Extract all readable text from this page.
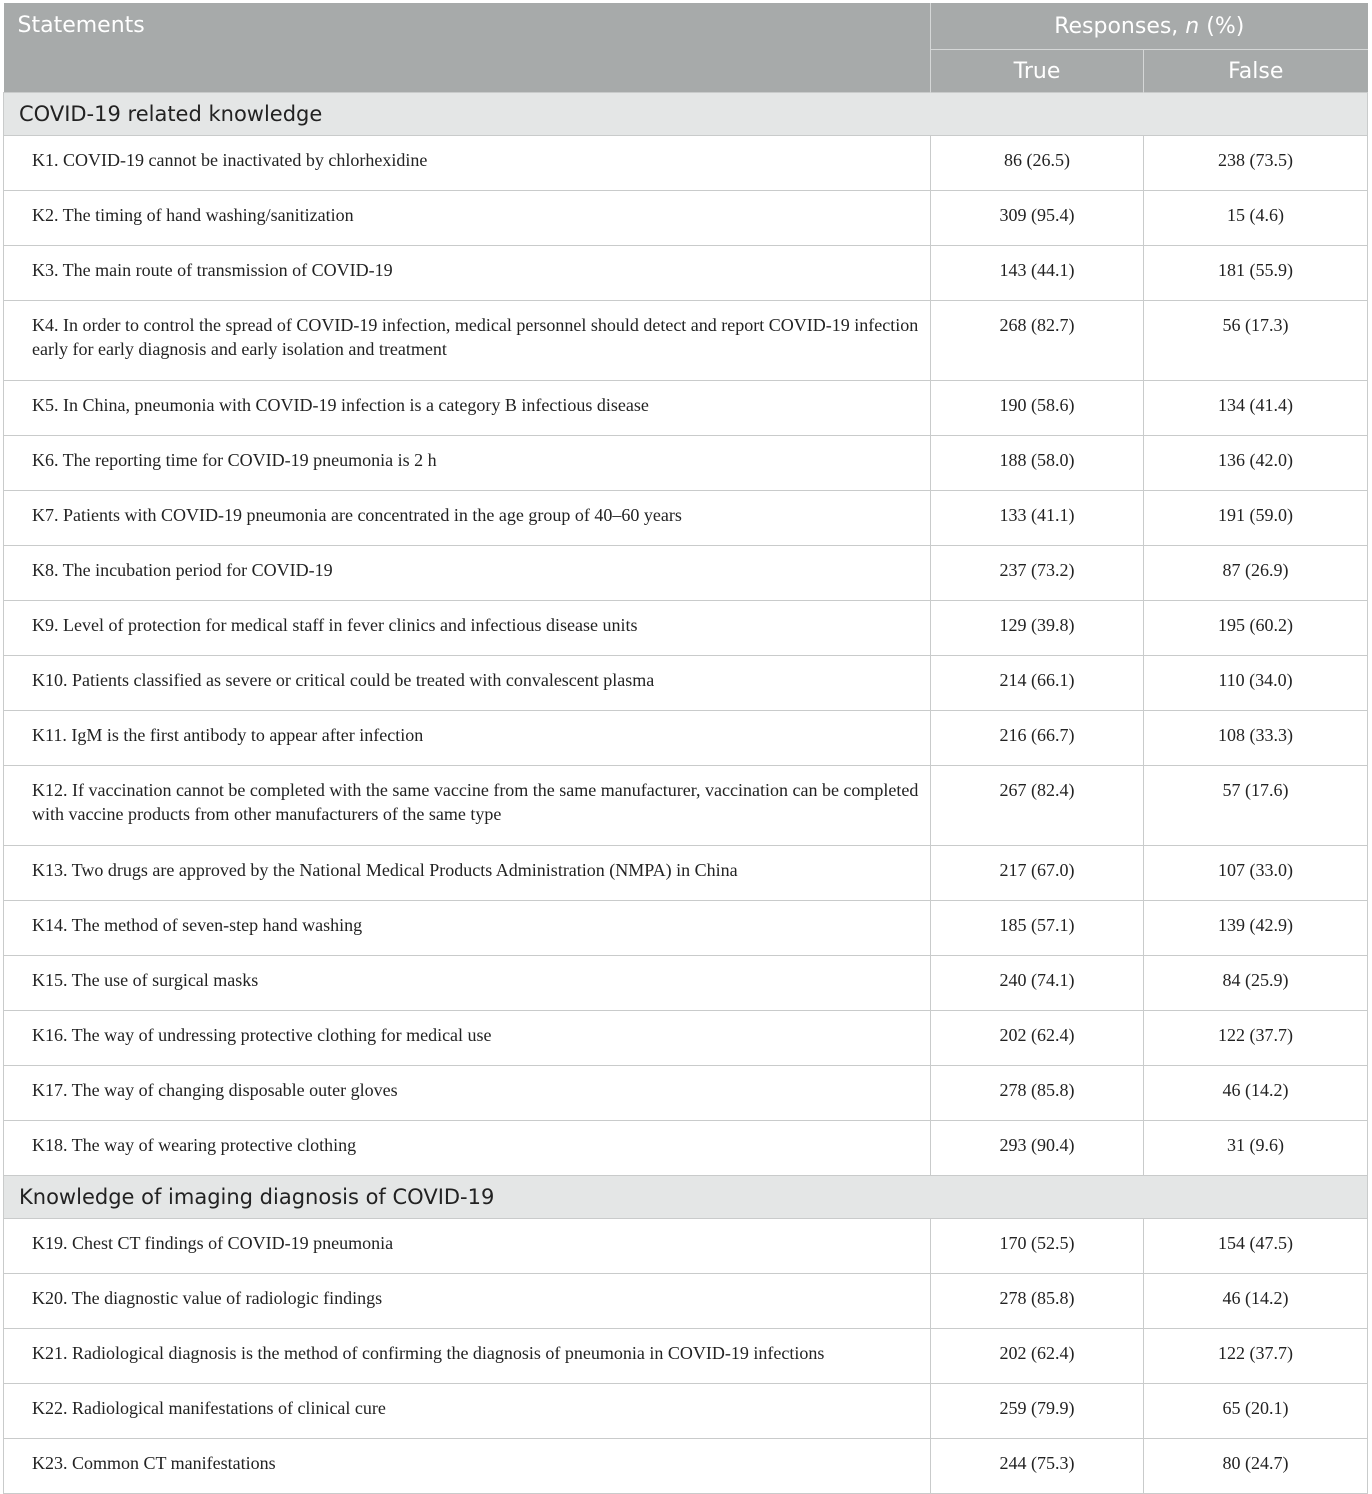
Statements	Responses, n (%)	
	True	False
COVID-19 related knowledge		
K1. COVID-19 cannot be inactivated by chlorhexidine	86 (26.5)	238 (73.5)
K2. The timing of hand washing/sanitization	309 (95.4)	15 (4.6)
K3. The main route of transmission of COVID-19	143 (44.1)	181 (55.9)
K4. In order to control the spread of COVID-19 infection, medical personnel should detect and report COVID-19 infection early for early diagnosis and early isolation and treatment	268 (82.7)	56 (17.3)
K5. In China, pneumonia with COVID-19 infection is a category B infectious disease	190 (58.6)	134 (41.4)
K6. The reporting time for COVID-19 pneumonia is 2 h	188 (58.0)	136 (42.0)
K7. Patients with COVID-19 pneumonia are concentrated in the age group of 40–60 years	133 (41.1)	191 (59.0)
K8. The incubation period for COVID-19	237 (73.2)	87 (26.9)
K9. Level of protection for medical staff in fever clinics and infectious disease units	129 (39.8)	195 (60.2)
K10. Patients classified as severe or critical could be treated with convalescent plasma	214 (66.1)	110 (34.0)
K11. IgM is the first antibody to appear after infection	216 (66.7)	108 (33.3)
K12. If vaccination cannot be completed with the same vaccine from the same manufacturer, vaccination can be completed with vaccine products from other manufacturers of the same type	267 (82.4)	57 (17.6)
K13. Two drugs are approved by the National Medical Products Administration (NMPA) in China	217 (67.0)	107 (33.0)
K14. The method of seven-step hand washing	185 (57.1)	139 (42.9)
K15. The use of surgical masks	240 (74.1)	84 (25.9)
K16. The way of undressing protective clothing for medical use	202 (62.4)	122 (37.7)
K17. The way of changing disposable outer gloves	278 (85.8)	46 (14.2)
K18. The way of wearing protective clothing	293 (90.4)	31 (9.6)
Knowledge of imaging diagnosis of COVID-19		
K19. Chest CT findings of COVID-19 pneumonia	170 (52.5)	154 (47.5)
K20. The diagnostic value of radiologic findings	278 (85.8)	46 (14.2)
K21. Radiological diagnosis is the method of confirming the diagnosis of pneumonia in COVID-19 infections	202 (62.4)	122 (37.7)
K22. Radiological manifestations of clinical cure	259 (79.9)	65 (20.1)
K23. Common CT manifestations	244 (75.3)	80 (24.7)
